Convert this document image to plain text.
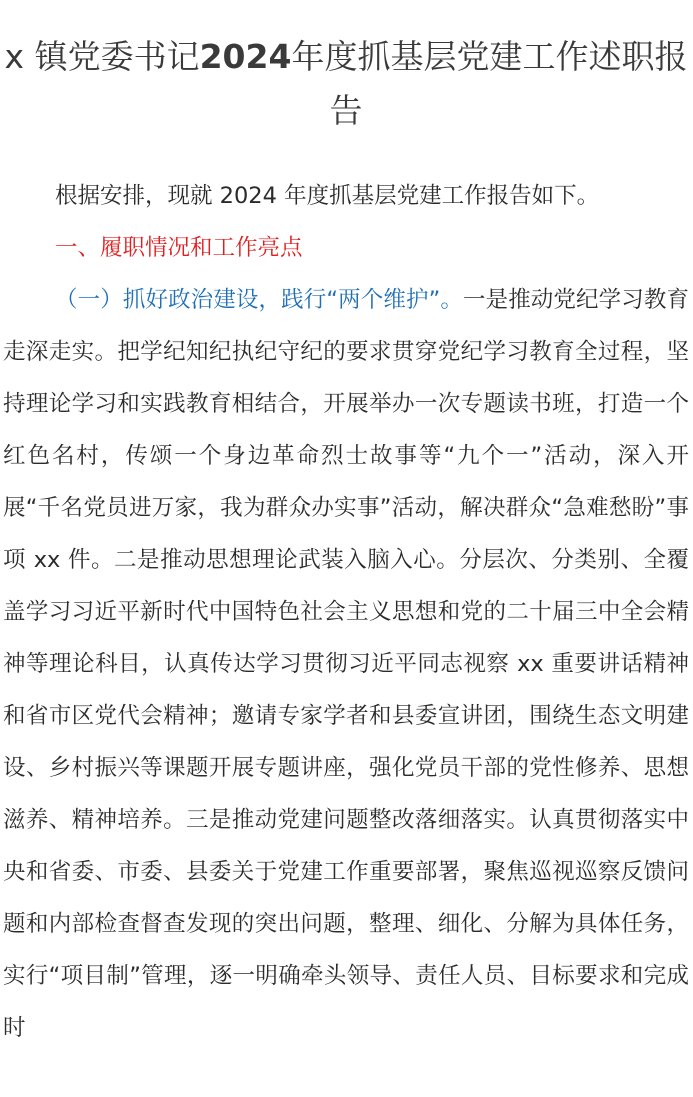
x 镇党委书记2024年度抓基层党建工作述职报告

根据安排，现就 2024 年度抓基层党建工作报告如下。

一、履职情况和工作亮点

（一）抓好政治建设，践行“两个维护”。一是推动党纪学习教育走深走实。把学纪知纪执纪守纪的要求贯穿党纪学习教育全过程，坚持理论学习和实践教育相结合，开展举办一次专题读书班，打造一个红色名村，传颂一个身边革命烈士故事等“九个一”活动，深入开展“千名党员进万家，我为群众办实事”活动，解决群众“急难愁盼”事项 xx 件。二是推动思想理论武装入脑入心。分层次、分类别、全覆盖学习习近平新时代中国特色社会主义思想和党的二十届三中全会精神等理论科目，认真传达学习贯彻习近平同志视察 xx 重要讲话精神和省市区党代会精神；邀请专家学者和县委宣讲团，围绕生态文明建设、乡村振兴等课题开展专题讲座，强化党员干部的党性修养、思想滋养、精神培养。三是推动党建问题整改落细落实。认真贯彻落实中央和省委、市委、县委关于党建工作重要部署，聚焦巡视巡察反馈问题和内部检查督查发现的突出问题，整理、细化、分解为具体任务，实行“项目制”管理，逐一明确牵头领导、责任人员、目标要求和完成时
